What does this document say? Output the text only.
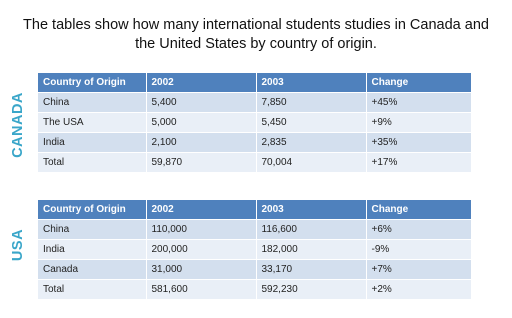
The tables show how many international students studies in Canada and
the United States by country of origin.
CANADA
Country of Origin	2002	2003	Change
China	5,400	7,850	+45%
The USA	5,000	5,450	+9%
India	2,100	2,835	+35%
Total	59,870	70,004	+17%
USA
Country of Origin	2002	2003	Change
China	110,000	116,600	+6%
India	200,000	182,000	-9%
Canada	31,000	33,170	+7%
Total	581,600	592,230	+2%
